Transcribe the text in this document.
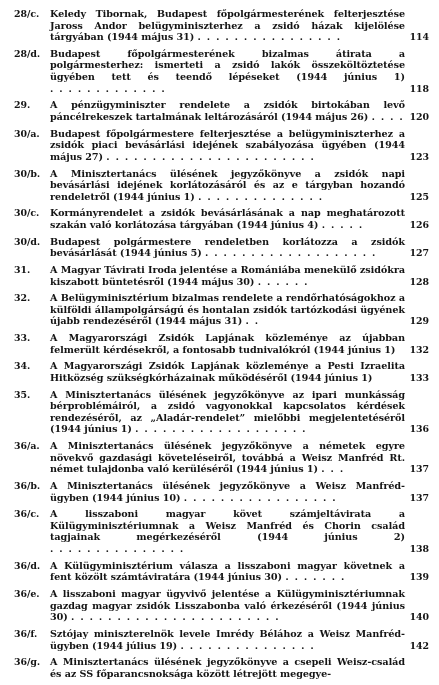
28/c.	Keledy Tibornak, Budapest főpolgármesterének felterjesztése Jaross Andor belügyminiszterhez a zsidó házak kijelölése tárgyában (1944 május 31) . . . . . . . . . . . . . . . .	114
28/d.	Budapest főpolgármesterének bizalmas átirata a polgármesterhez: ismerteti a zsidó lakók összeköltöztetése ügyében tett és teendő lépéseket (1944 június 1) . . . . . . . . . . . . .	118
29.	A pénzügyminiszter rendelete a zsidók birtokában levő páncélrekeszek tartalmának leltározásáról (1944 május 26) . . . . 120
30/a.	Budapest főpolgármestere felterjesztése a belügyminiszterhez a zsidók piaci bevásárlási idejének szabályozása ügyében (1944 május 27) . . . . . . . . . . . . . . . . . . . . . . .	123
30/b.	A Minisztertanács ülésének jegyzőkönyve a zsidók napi bevásárlási idejének korlátozásáról és az e tárgyban hozandó rendeletről (1944 június 1) . . . . . . . . . . . . . .	125
30/c.	Kormányrendelet a zsidók bevásárlásának a nap meghatározott szakán való korlátozása tárgyában (1944 június 4) . . . . .	126
30/d.	Budapest polgármestere rendeletben korlátozza a zsidók bevásárlását (1944 június 5) . . . . . . . . . . . . . . . . . . .	127
31.	A Magyar Távirati Iroda jelentése a Romániába menekülő zsidókra kiszabott büntetésről (1944 május 30) . . . . . .	128
32.	A Belügyminisztérium bizalmas rendelete a rendőrhatóságokhoz a külföldi állampolgárságú és hontalan zsidók tartózkodási ügyének újabb rendezéséről (1944 május 31) . .	129
33.	A Magyarországi Zsidók Lapjának közleménye az újabban felmerült kérdésekről, a fontosabb tudnivalókról (1944 június 1)	132
34.	A Magyarországi Zsidók Lapjának közleménye a Pesti Izraelita Hitközség szükségkórházainak működéséről (1944 június 1)	133
35.	A Minisztertanács ülésének jegyzőkönyve az ipari munkásság bérproblémáiról, a zsidó vagyonokkal kapcsolatos kérdések rendezéséről, az „Aladár-rendelet” mielőbbi megjelentetéséről (1944 június 1) . . . . . . . . . . . . . . . . . . .	136
36/a.	A Minisztertanács ülésének jegyzőkönyve a németek egyre növekvő gazdasági követeléseiről, továbbá a Weisz Manfréd Rt. német tulajdonba való kerüléséről (1944 június 1) . . .	137
36/b.	A Minisztertanács ülésének jegyzőkönyve a Weisz Manfréd-ügyben (1944 június 10) . . . . . . . . . . . . . . . . .	137
36/c.	A lisszaboni magyar követ számjeltávirata a Külügyminisztériumnak a Weisz Manfréd és Chorin család tagjainak megérkezéséről (1944 június 2) . . . . . . . . . . . . . . .	138
36/d.	A Külügyminisztérium válasza a lisszaboni magyar követnek a fent közölt számtáviratára (1944 június 30) . . . . . . .	139
36/e.	A lisszaboni magyar ügyvivő jelentése a Külügyminisztériumnak gazdag magyar zsidók Lisszabonba való érkezéséről (1944 június 30) . . . . . . . . . . . . . . . . . . . . . . .	140
36/f.	Sztójay miniszterelnök levele Imrédy Bélához a Weisz Manfréd-ügyben (1944 július 19) . . . . . . . . . . . . . . .	142
36/g.	A Minisztertanács ülésének jegyzőkönyve a csepeli Weisz-család és az SS főparancsnoksága között létrejött megegye-
